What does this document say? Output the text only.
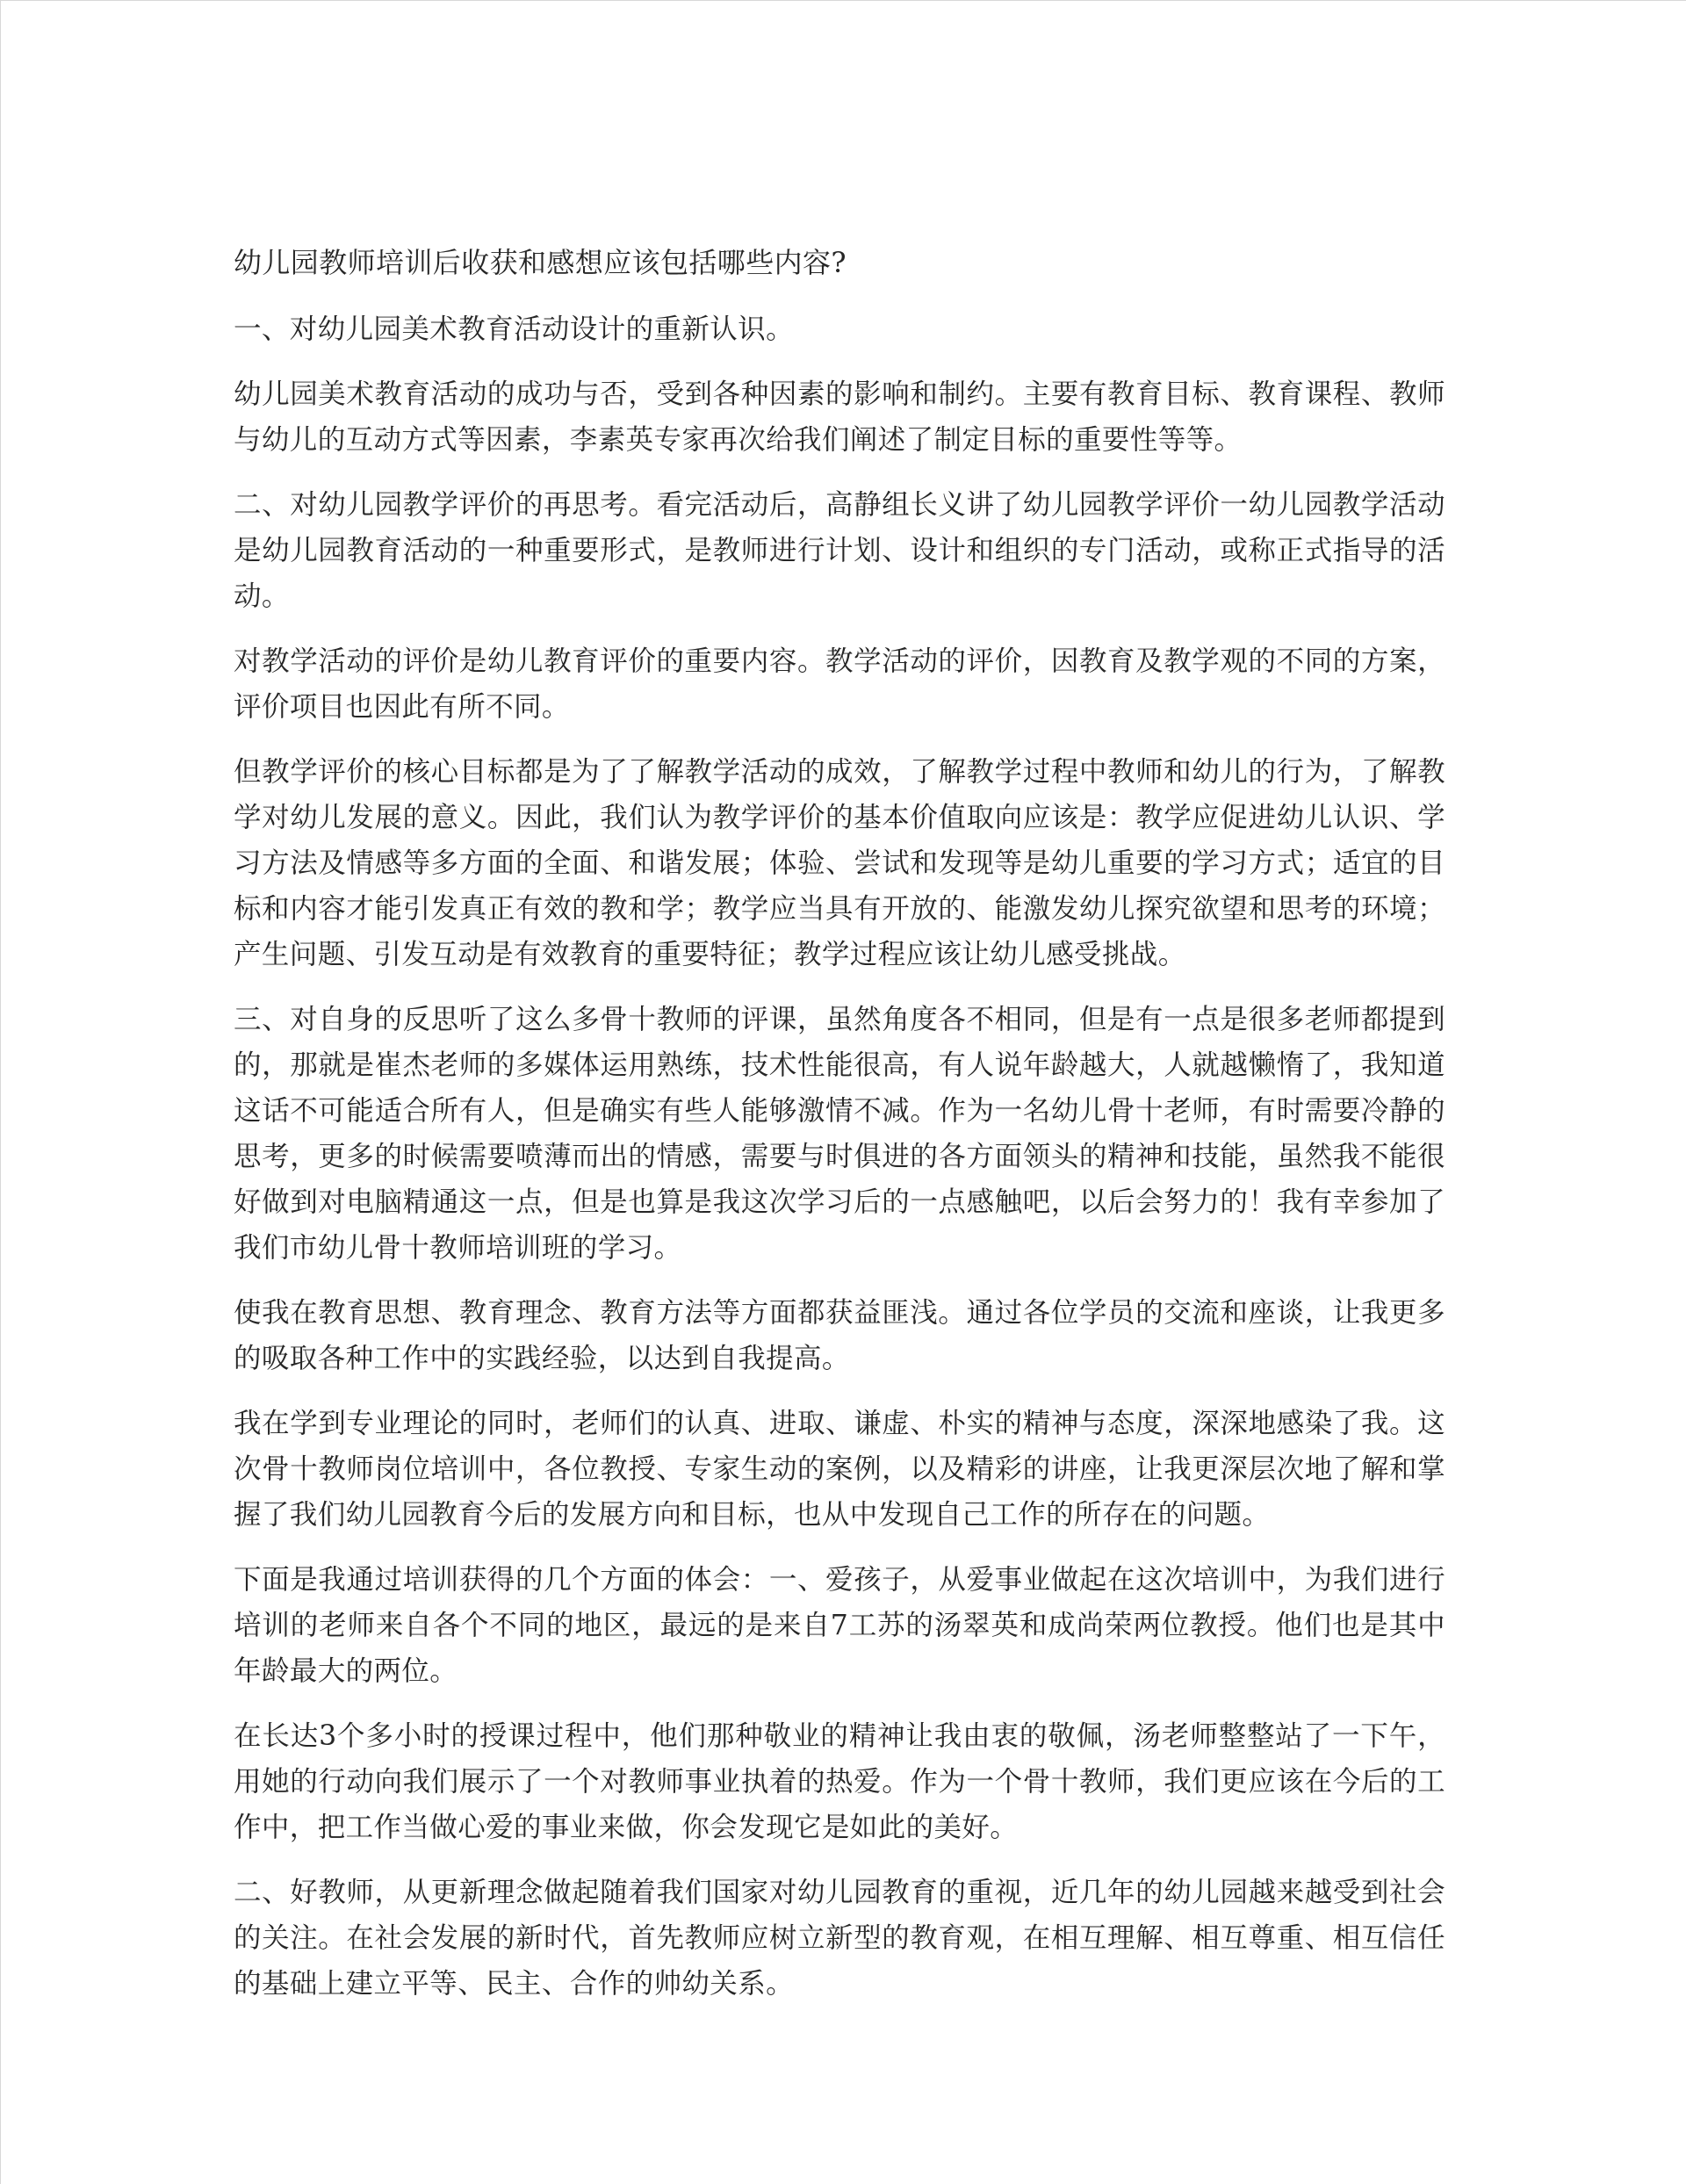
幼儿园教师培训后收获和感想应该包括哪些内容?

一、对幼儿园美术教育活动设计的重新认识。

幼儿园美术教育活动的成功与否，受到各种因素的影响和制约。主要有教育目标、教育课程、教师与幼儿的互动方式等因素，李素英专家再次给我们阐述了制定目标的重要性等等。

二、对幼儿园教学评价的再思考。看完活动后，高静组长义讲了幼儿园教学评价一幼儿园教学活动是幼儿园教育活动的一种重要形式，是教师进行计划、设计和组织的专门活动，或称正式指导的活动。

对教学活动的评价是幼儿教育评价的重要内容。教学活动的评价，因教育及教学观的不同的方案，评价项目也因此有所不同。

但教学评价的核心目标都是为了了解教学活动的成效，了解教学过程中教师和幼儿的行为，了解教学对幼儿发展的意义。因此，我们认为教学评价的基本价值取向应该是：教学应促进幼儿认识、学习方法及情感等多方面的全面、和谐发展；体验、尝试和发现等是幼儿重要的学习方式；适宜的目标和内容才能引发真正有效的教和学；教学应当具有开放的、能激发幼儿探究欲望和思考的环境；产生问题、引发互动是有效教育的重要特征；教学过程应该让幼儿感受挑战。

三、对自身的反思听了这么多骨十教师的评课，虽然角度各不相同，但是有一点是很多老师都提到的，那就是崔杰老师的多媒体运用熟练，技术性能很高，有人说年龄越大，人就越懒惰了，我知道这话不可能适合所有人，但是确实有些人能够激情不减。作为一名幼儿骨十老师，有时需要冷静的思考，更多的时候需要喷薄而出的情感，需要与时俱进的各方面领头的精神和技能，虽然我不能很好做到对电脑精通这一点，但是也算是我这次学习后的一点感触吧，以后会努力的！我有幸参加了我们市幼儿骨十教师培训班的学习。

使我在教育思想、教育理念、教育方法等方面都获益匪浅。通过各位学员的交流和座谈，让我更多的吸取各种工作中的实践经验，以达到自我提高。

我在学到专业理论的同时，老师们的认真、进取、谦虚、朴实的精神与态度，深深地感染了我。这次骨十教师岗位培训中，各位教授、专家生动的案例，以及精彩的讲座，让我更深层次地了解和掌握了我们幼儿园教育今后的发展方向和目标，也从中发现自己工作的所存在的问题。

下面是我通过培训获得的几个方面的体会：一、爱孩子，从爱事业做起在这次培训中，为我们进行培训的老师来自各个不同的地区，最远的是来自7工苏的汤翠英和成尚荣两位教授。他们也是其中年龄最大的两位。

在长达3个多小时的授课过程中，他们那种敬业的精神让我由衷的敬佩，汤老师整整站了一下午，用她的行动向我们展示了一个对教师事业执着的热爱。作为一个骨十教师，我们更应该在今后的工作中，把工作当做心爱的事业来做，你会发现它是如此的美好。

二、好教师，从更新理念做起随着我们国家对幼儿园教育的重视，近几年的幼儿园越来越受到社会的关注。在社会发展的新时代，首先教师应树立新型的教育观，在相互理解、相互尊重、相互信任的基础上建立平等、民主、合作的帅幼关系。
